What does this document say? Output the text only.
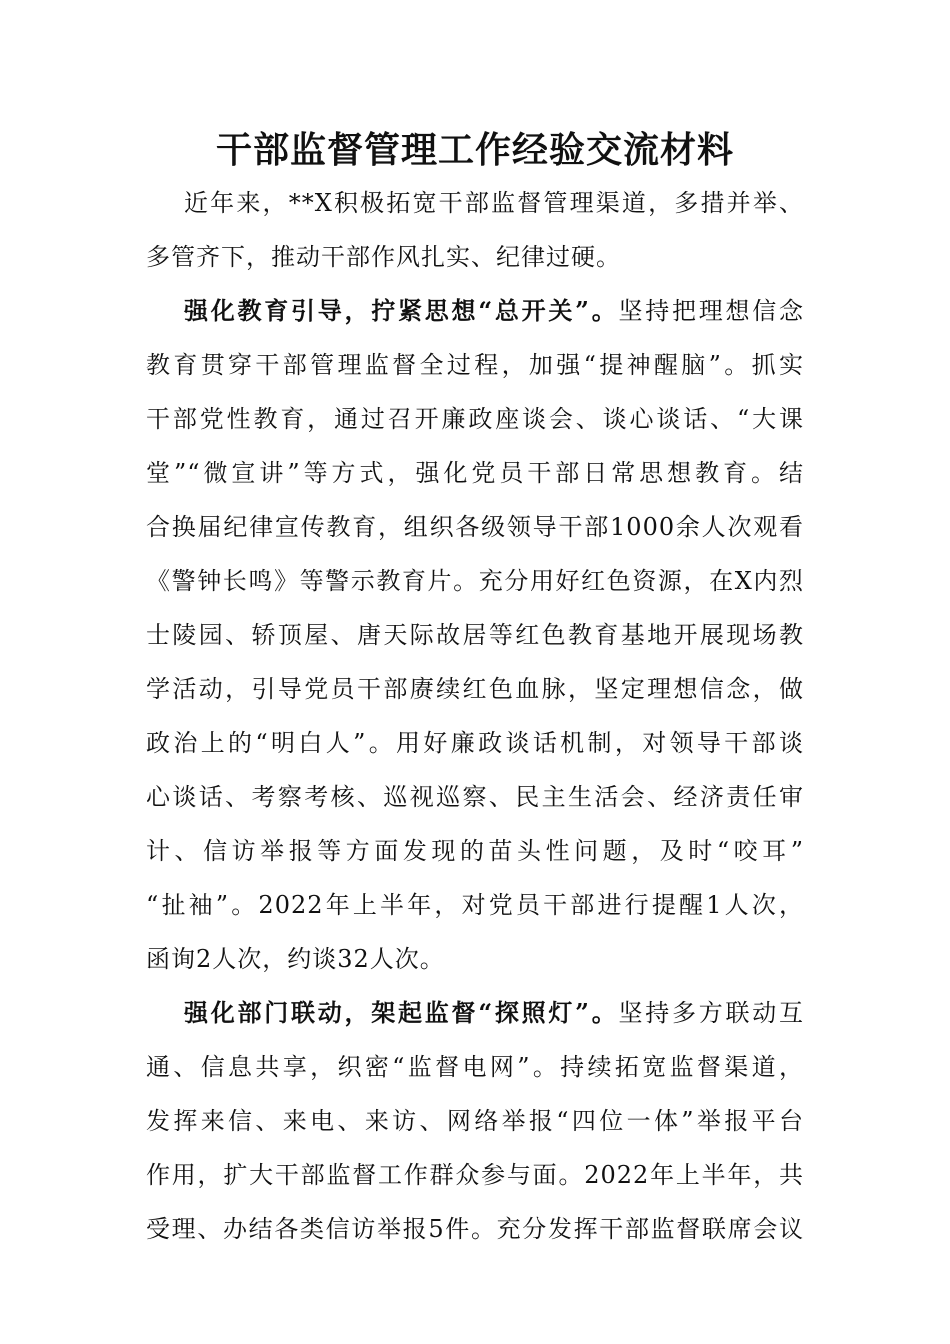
干部监督管理工作经验交流材料
近年来，**X积极拓宽干部监督管理渠道，多措并举、
多管齐下，推动干部作风扎实、纪律过硬。
强化教育引导，拧紧思想“总开关”。坚持把理想信念
教育贯穿干部管理监督全过程，加强“提神醒脑”。抓实
干部党性教育，通过召开廉政座谈会、谈心谈话、“大课
堂”“微宣讲”等方式，强化党员干部日常思想教育。结
合换届纪律宣传教育，组织各级领导干部1000余人次观看
《警钟长鸣》等警示教育片。充分用好红色资源，在X内烈
士陵园、轿顶屋、唐天际故居等红色教育基地开展现场教
学活动，引导党员干部赓续红色血脉，坚定理想信念，做
政治上的“明白人”。用好廉政谈话机制，对领导干部谈
心谈话、考察考核、巡视巡察、民主生活会、经济责任审
计、信访举报等方面发现的苗头性问题，及时“咬耳”
“扯袖”。2022年上半年，对党员干部进行提醒1人次，
函询2人次，约谈32人次。
强化部门联动，架起监督“探照灯”。坚持多方联动互
通、信息共享，织密“监督电网”。持续拓宽监督渠道，
发挥来信、来电、来访、网络举报“四位一体”举报平台
作用，扩大干部监督工作群众参与面。2022年上半年，共
受理、办结各类信访举报5件。充分发挥干部监督联席会议
